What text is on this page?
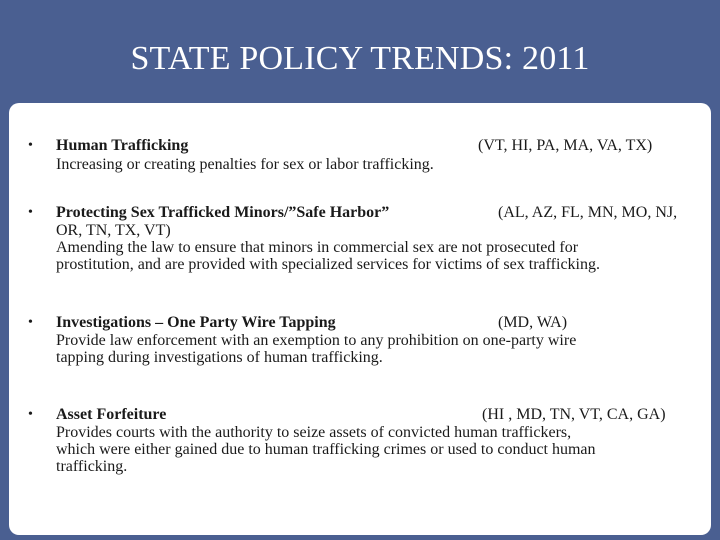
STATE POLICY TRENDS: 2011
• Human Trafficking	(VT, HI, PA, MA, VA, TX)
Increasing or creating penalties for sex or labor trafficking.
• Protecting Sex Trafficked Minors/”Safe Harbor”	(AL, AZ, FL, MN, MO, NJ,
OR, TN, TX, VT)
Amending the law to ensure that minors in commercial sex are not prosecuted for
prostitution, and are provided with specialized services for victims of sex trafficking.
• Investigations – One Party Wire Tapping	(MD, WA)
Provide law enforcement with an exemption to any prohibition on one-party wire
tapping during investigations of human trafficking.
• Asset Forfeiture	(HI , MD, TN, VT, CA, GA)
Provides courts with the authority to seize assets of convicted human traffickers,
which were either gained due to human trafficking crimes or used to conduct human
trafficking.
